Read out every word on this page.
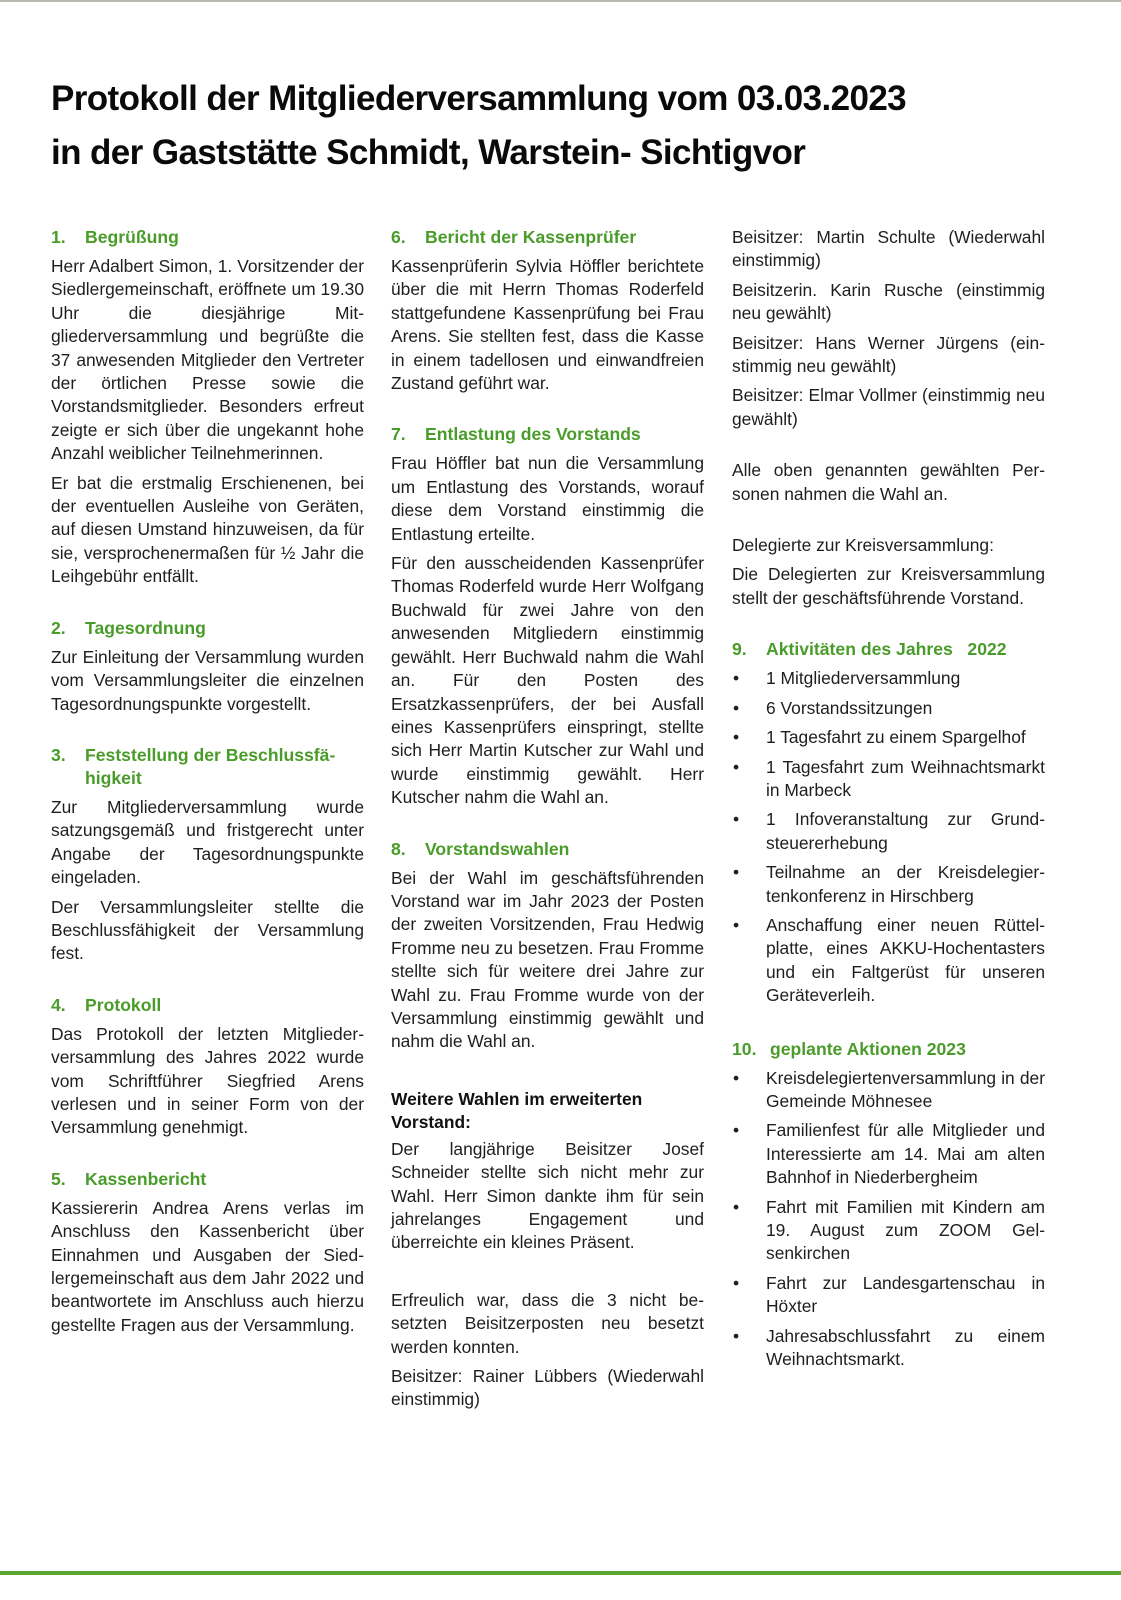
Protokoll der Mitgliederversammlung vom 03.03.2023
in der Gaststätte Schmidt, Warstein- Sichtigvor
1.	Begrüßung

Herr Adalbert Simon, 1. Vorsitzender der Siedlergemeinschaft, eröffnete um 19.30 Uhr die diesjährige Mitgliederversammlung und begrüßte die 37 anwesenden Mitglieder den Vertreter der örtlichen Presse sowie die Vorstandsmitglieder. Besonders erfreut zeigte er sich über die ungekannt hohe Anzahl weiblicher Teilnehmerinnen.

Er bat die erstmalig Erschienenen, bei der eventuellen Ausleihe von Geräten, auf diesen Umstand hinzuweisen, da für sie, versprochenermaßen für ½ Jahr die Leihgebühr entfällt.

2.	Tagesordnung

Zur Einleitung der Versammlung wurden vom Versammlungsleiter die einzelnen Tagesordnungspunkte vorgestellt.

3.	Feststellung der Beschlussfähigkeit

Zur Mitgliederversammlung wurde satzungsgemäß und fristgerecht unter Angabe der Tagesordnungspunkte eingeladen.

Der Versammlungsleiter stellte die Beschlussfähigkeit der Versammlung fest.

4.	Protokoll

Das Protokoll der letzten Mitgliederversammlung des Jahres 2022 wurde vom Schriftführer Siegfried Arens verlesen und in seiner Form von der Versammlung genehmigt.

5.	Kassenbericht

Kassiererin Andrea Arens verlas im Anschluss den Kassenbericht über Einnahmen und Ausgaben der Siedlergemeinschaft aus dem Jahr 2022 und beantwortete im Anschluss auch hierzu gestellte Fragen aus der Versammlung.

6.	Bericht der Kassenprüfer

Kassenprüferin Sylvia Höffler berichtete über die mit Herrn Thomas Roderfeld stattgefundene Kassenprüfung bei Frau Arens. Sie stellten fest, dass die Kasse in einem tadellosen und einwandfreien Zustand geführt war.

7.	Entlastung des Vorstands

Frau Höffler bat nun die Versammlung um Entlastung des Vorstands, worauf diese dem Vorstand einstimmig die Entlastung erteilte.

Für den ausscheidenden Kassenprüfer Thomas Roderfeld wurde Herr Wolfgang Buchwald für zwei Jahre von den anwesenden Mitgliedern einstimmig gewählt. Herr Buchwald nahm die Wahl an. Für den Posten des Ersatzkassenprüfers, der bei Ausfall eines Kassenprüfers einspringt, stellte sich Herr Martin Kutscher zur Wahl und wurde einstimmig gewählt. Herr Kutscher nahm die Wahl an.

8.	Vorstandswahlen

Bei der Wahl im geschäftsführenden Vorstand war im Jahr 2023 der Posten der zweiten Vorsitzenden, Frau Hedwig Fromme neu zu besetzen. Frau Fromme stellte sich für weitere drei Jahre zur Wahl zu. Frau Fromme wurde von der Versammlung einstimmig gewählt und nahm die Wahl an.

Weitere Wahlen im erweiterten Vorstand:

Der langjährige Beisitzer Josef Schneider stellte sich nicht mehr zur Wahl. Herr Simon dankte ihm für sein jahrelanges Engagement und überreichte ein kleines Präsent.

Erfreulich war, dass die 3 nicht besetzten Beisitzerposten neu besetzt werden konnten.

Beisitzer: Rainer Lübbers (Wiederwahl einstimmig)

Beisitzer: Martin Schulte (Wiederwahl einstimmig)

Beisitzerin. Karin Rusche (einstimmig neu gewählt)

Beisitzer: Hans Werner Jürgens (einstimmig neu gewählt)

Beisitzer: Elmar Vollmer (einstimmig neu gewählt)

Alle oben genannten gewählten Personen nahmen die Wahl an.

Delegierte zur Kreisversammlung:

Die Delegierten zur Kreisversammlung stellt der geschäftsführende Vorstand.

9.	Aktivitäten des Jahres   2022
• 1 Mitgliederversammlung
• 6 Vorstandssitzungen
• 1 Tagesfahrt zu einem Spargelhof
• 1 Tagesfahrt zum Weihnachtsmarkt in Marbeck
• 1 Infoveranstaltung zur Grundsteuererhebung
• Teilnahme an der Kreisdelegiertenkonferenz in Hirschberg
• Anschaffung einer neuen Rüttelplatte, eines AKKU-Hochentasters und ein Faltgerüst für unseren Geräteverleih.
10. geplante Aktionen 2023
• Kreisdelegiertenversammlung in der Gemeinde Möhnesee
• Familienfest für alle Mitglieder und Interessierte am 14. Mai am alten Bahnhof in Niederbergheim
• Fahrt mit Familien mit Kindern am 19. August zum ZOOM Gelsenkirchen
• Fahrt zur Landesgartenschau in Höxter
• Jahresabschlussfahrt zu einem Weihnachtsmarkt.
